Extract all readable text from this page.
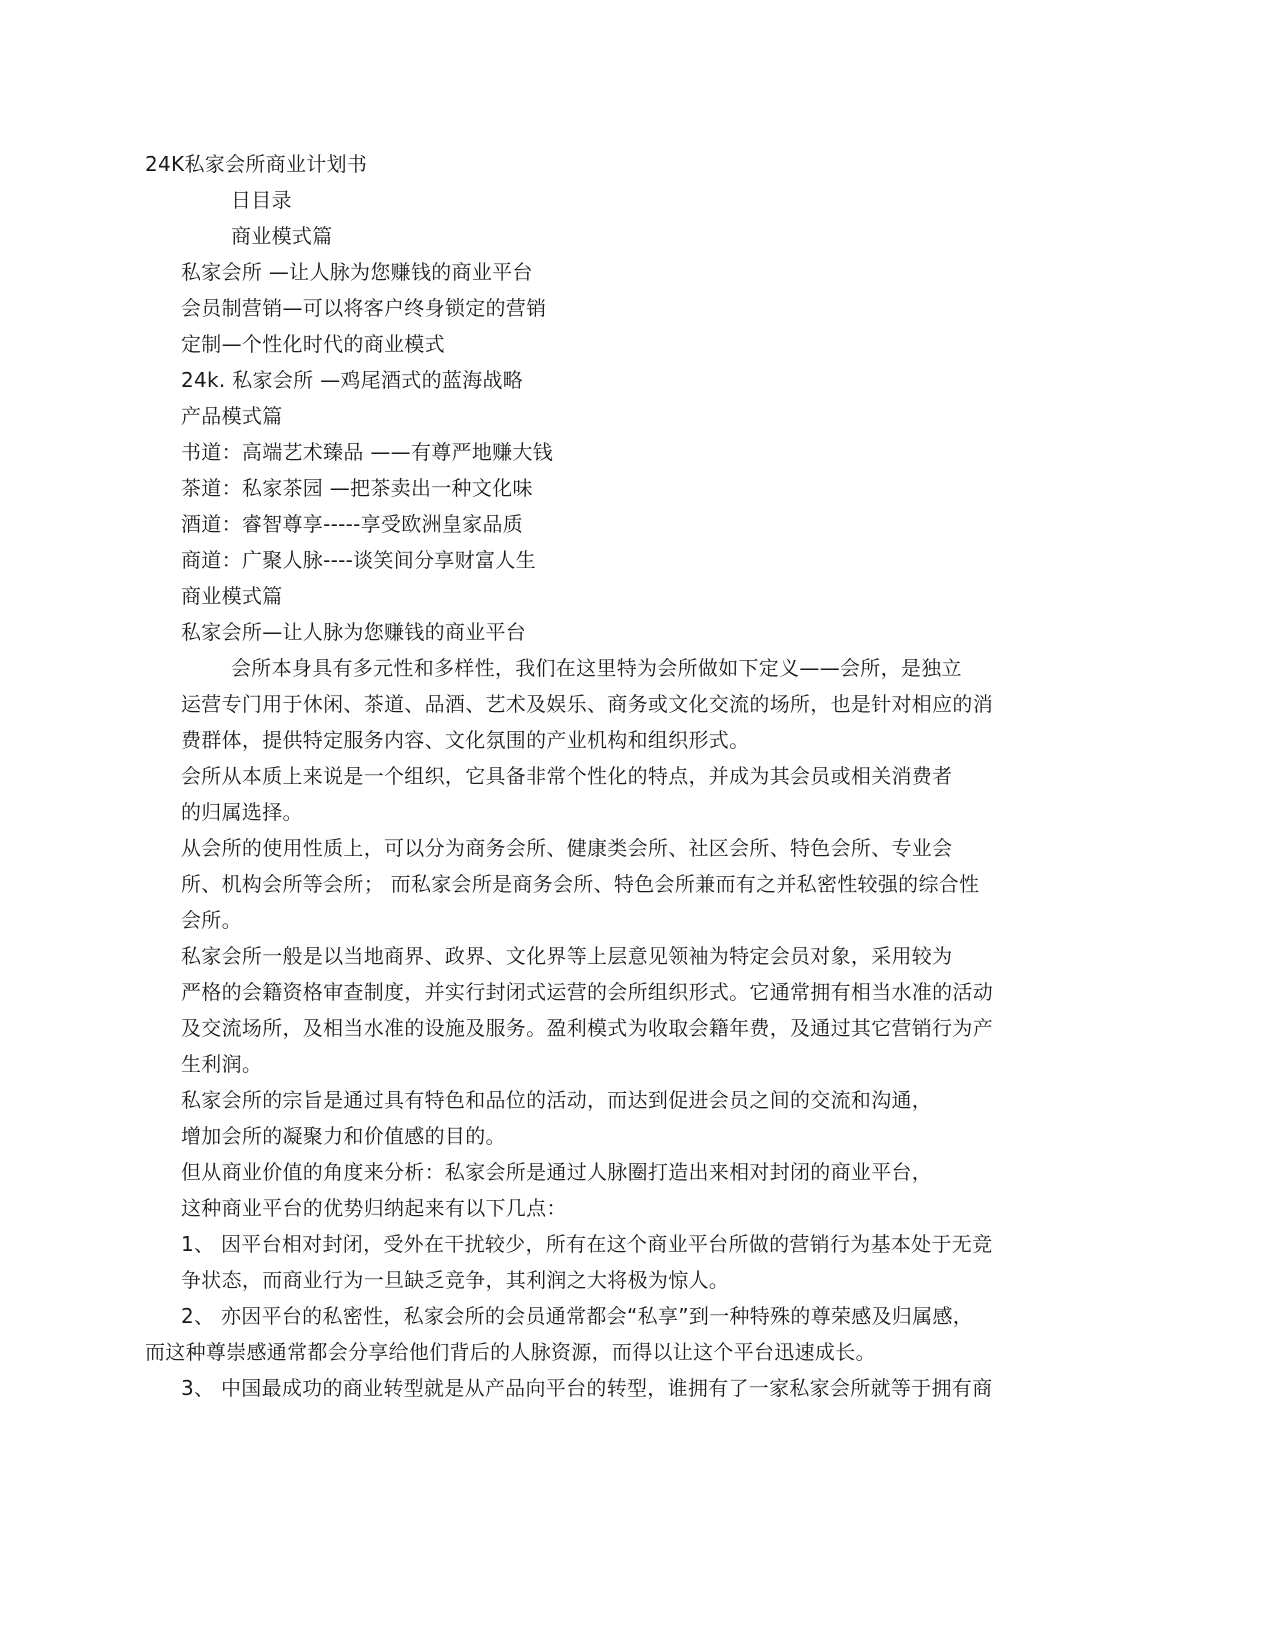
24K私家会所商业计划书
日目录
商业模式篇
私家会所 —让人脉为您赚钱的商业平台
会员制营销—可以将客户终身锁定的营销
定制—个性化时代的商业模式
24k. 私家会所 —鸡尾酒式的蓝海战略
产品模式篇
书道：高端艺术臻品 ——有尊严地赚大钱
茶道：私家茶园 —把茶卖出一种文化味
酒道：睿智尊享-----享受欧洲皇家品质
商道：广聚人脉----谈笑间分享财富人生
商业模式篇
私家会所—让人脉为您赚钱的商业平台
会所本身具有多元性和多样性，我们在这里特为会所做如下定义——会所，是独立
运营专门用于休闲、茶道、品酒、艺术及娱乐、商务或文化交流的场所，也是针对相应的消
费群体，提供特定服务内容、文化氛围的产业机构和组织形式。
会所从本质上来说是一个组织，它具备非常个性化的特点，并成为其会员或相关消费者
的归属选择。
从会所的使用性质上，可以分为商务会所、健康类会所、社区会所、特色会所、专业会
所、机构会所等会所； 而私家会所是商务会所、特色会所兼而有之并私密性较强的综合性
会所。
私家会所一般是以当地商界、政界、文化界等上层意见领袖为特定会员对象，采用较为
严格的会籍资格审查制度，并实行封闭式运营的会所组织形式。它通常拥有相当水准的活动
及交流场所，及相当水准的设施及服务。盈利模式为收取会籍年费，及通过其它营销行为产
生利润。
私家会所的宗旨是通过具有特色和品位的活动，而达到促进会员之间的交流和沟通，
增加会所的凝聚力和价值感的目的。
但从商业价值的角度来分析：私家会所是通过人脉圈打造出来相对封闭的商业平台，
这种商业平台的优势归纳起来有以下几点：
1、 因平台相对封闭，受外在干扰较少，所有在这个商业平台所做的营销行为基本处于无竞
争状态，而商业行为一旦缺乏竞争，其利润之大将极为惊人。
2、 亦因平台的私密性，私家会所的会员通常都会“私享”到一种特殊的尊荣感及归属感，
而这种尊崇感通常都会分享给他们背后的人脉资源，而得以让这个平台迅速成长。
3、 中国最成功的商业转型就是从产品向平台的转型，谁拥有了一家私家会所就等于拥有商
